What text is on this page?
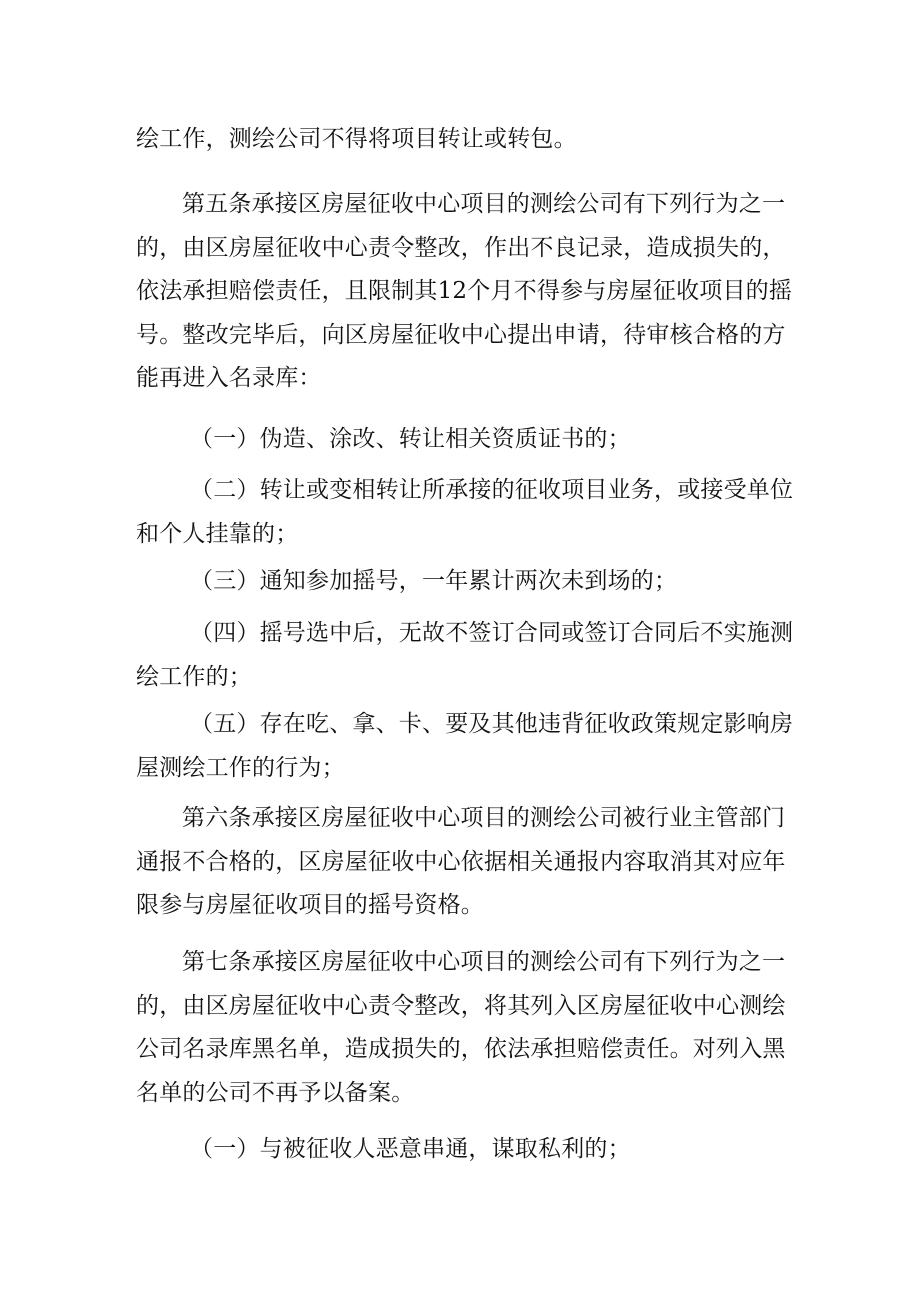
绘工作，测绘公司不得将项目转让或转包。

第五条承接区房屋征收中心项目的测绘公司有下列行为之一
的，由区房屋征收中心责令整改，作出不良记录，造成损失的，
依法承担赔偿责任，且限制其12个月不得参与房屋征收项目的摇
号。整改完毕后，向区房屋征收中心提出申请，待审核合格的方
能再进入名录库：

（一）伪造、涂改、转让相关资质证书的；

（二）转让或变相转让所承接的征收项目业务，或接受单位
和个人挂靠的；

（三）通知参加摇号，一年累计两次未到场的；

（四）摇号选中后，无故不签订合同或签订合同后不实施测
绘工作的；

（五）存在吃、拿、卡、要及其他违背征收政策规定影响房
屋测绘工作的行为；

第六条承接区房屋征收中心项目的测绘公司被行业主管部门
通报不合格的，区房屋征收中心依据相关通报内容取消其对应年
限参与房屋征收项目的摇号资格。

第七条承接区房屋征收中心项目的测绘公司有下列行为之一
的，由区房屋征收中心责令整改，将其列入区房屋征收中心测绘
公司名录库黑名单，造成损失的，依法承担赔偿责任。对列入黑
名单的公司不再予以备案。

（一）与被征收人恶意串通，谋取私利的；
